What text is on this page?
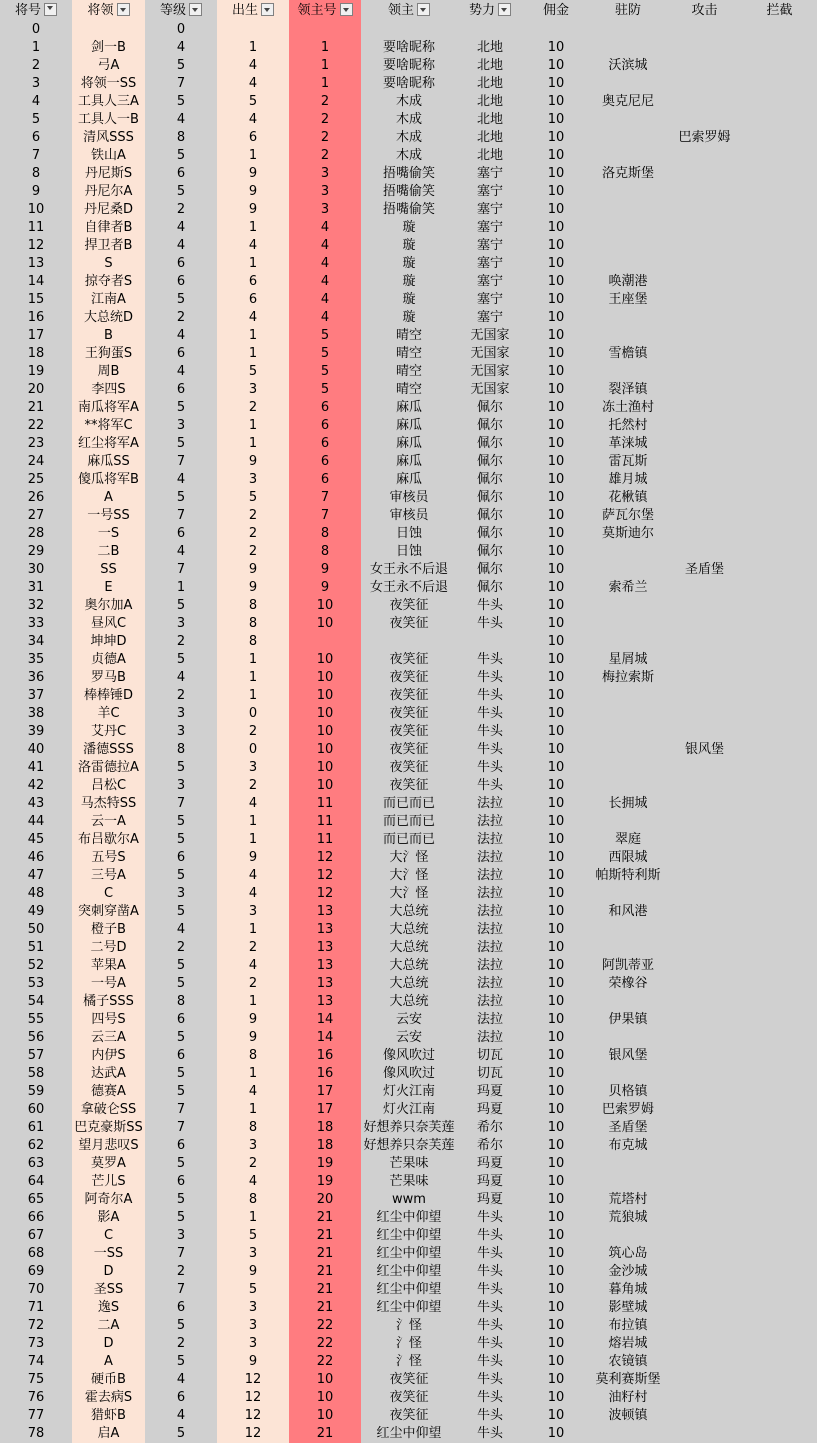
将号	将领	等级	出生	领主号	领主	势力	佣金	驻防	攻击	拦截
0		0								
1	剑一B	4	1	1	要啥昵称	北地	10			
2	弓A	5	4	1	要啥昵称	北地	10	沃滨城		
3	将领一SS	7	4	1	要啥昵称	北地	10			
4	工具人三A	5	5	2	木成	北地	10	奥克尼尼		
5	工具人一B	4	4	2	木成	北地	10			
6	清风SSS	8	6	2	木成	北地	10		巴索罗姆	
7	铁山A	5	1	2	木成	北地	10			
8	丹尼斯S	6	9	3	捂嘴偷笑	塞宁	10	洛克斯堡		
9	丹尼尔A	5	9	3	捂嘴偷笑	塞宁	10			
10	丹尼桑D	2	9	3	捂嘴偷笑	塞宁	10			
11	自律者B	4	1	4	璇	塞宁	10			
12	捍卫者B	4	4	4	璇	塞宁	10			
13	S	6	1	4	璇	塞宁	10			
14	掠夺者S	6	6	4	璇	塞宁	10	唤潮港		
15	江南A	5	6	4	璇	塞宁	10	王座堡		
16	大总统D	2	4	4	璇	塞宁	10			
17	B	4	1	5	晴空	无国家	10			
18	王狗蛋S	6	1	5	晴空	无国家	10	雪檐镇		
19	周B	4	5	5	晴空	无国家	10			
20	李四S	6	3	5	晴空	无国家	10	裂泽镇		
21	南瓜将军A	5	2	6	麻瓜	佩尔	10	冻土渔村		
22	**将军C	3	1	6	麻瓜	佩尔	10	托然村		
23	红尘将军A	5	1	6	麻瓜	佩尔	10	革涞城		
24	麻瓜SS	7	9	6	麻瓜	佩尔	10	雷瓦斯		
25	傻瓜将军B	4	3	6	麻瓜	佩尔	10	雄月城		
26	A	5	5	7	审核员	佩尔	10	花楸镇		
27	一号SS	7	2	7	审核员	佩尔	10	萨瓦尔堡		
28	一S	6	2	8	日蚀	佩尔	10	莫斯迪尔		
29	二B	4	2	8	日蚀	佩尔	10			
30	SS	7	9	9	女王永不后退	佩尔	10		圣盾堡	
31	E	1	9	9	女王永不后退	佩尔	10	索希兰		
32	奥尔加A	5	8	10	夜笑征	牛头	10			
33	昼风C	3	8	10	夜笑征	牛头	10			
34	坤坤D	2	8				10			
35	贞德A	5	1	10	夜笑征	牛头	10	星屑城		
36	罗马B	4	1	10	夜笑征	牛头	10	梅拉索斯		
37	棒棒锤D	2	1	10	夜笑征	牛头	10			
38	羊C	3	0	10	夜笑征	牛头	10			
39	艾丹C	3	2	10	夜笑征	牛头	10			
40	潘德SSS	8	0	10	夜笑征	牛头	10		银风堡	
41	洛雷德拉A	5	3	10	夜笑征	牛头	10			
42	吕松C	3	2	10	夜笑征	牛头	10			
43	马杰特SS	7	4	11	而已而已	法拉	10	长拥城		
44	云一A	5	1	11	而已而已	法拉	10			
45	布吕歇尔A	5	1	11	而已而已	法拉	10	翠庭		
46	五号S	6	9	12	大氵怪	法拉	10	西限城		
47	三号A	5	4	12	大氵怪	法拉	10	帕斯特利斯		
48	C	3	4	12	大氵怪	法拉	10			
49	突刺穿凿A	5	3	13	大总统	法拉	10	和风港		
50	橙子B	4	1	13	大总统	法拉	10			
51	二号D	2	2	13	大总统	法拉	10			
52	苹果A	5	4	13	大总统	法拉	10	阿凯蒂亚		
53	一号A	5	2	13	大总统	法拉	10	荣橡谷		
54	橘子SSS	8	1	13	大总统	法拉	10			
55	四号S	6	9	14	云安	法拉	10	伊果镇		
56	云三A	5	9	14	云安	法拉	10			
57	内伊S	6	8	16	像风吹过	切瓦	10	银风堡		
58	达武A	5	1	16	像风吹过	切瓦	10			
59	德赛A	5	4	17	灯火江南	玛夏	10	贝格镇		
60	拿破仑SS	7	1	17	灯火江南	玛夏	10	巴索罗姆		
61	巴克豪斯SS	7	8	18	好想养只奈芙莲	希尔	10	圣盾堡		
62	望月悲叹S	6	3	18	好想养只奈芙莲	希尔	10	布克城		
63	莫罗A	5	2	19	芒果味	玛夏	10			
64	芒儿S	6	4	19	芒果味	玛夏	10			
65	阿奇尔A	5	8	20	wwm	玛夏	10	荒塔村		
66	影A	5	1	21	红尘中仰望	牛头	10	荒狼城		
67	C	3	5	21	红尘中仰望	牛头	10			
68	一SS	7	3	21	红尘中仰望	牛头	10	筑心岛		
69	D	2	9	21	红尘中仰望	牛头	10	金沙城		
70	圣SS	7	5	21	红尘中仰望	牛头	10	暮角城		
71	逸S	6	3	21	红尘中仰望	牛头	10	影壁城		
72	二A	5	3	22	氵怪	牛头	10	布拉镇		
73	D	2	3	22	氵怪	牛头	10	熔岩城		
74	A	5	9	22	氵怪	牛头	10	农镜镇		
75	硬币B	4	12	10	夜笑征	牛头	10	莫利赛斯堡		
76	霍去病S	6	12	10	夜笑征	牛头	10	油籽村		
77	猎虾B	4	12	10	夜笑征	牛头	10	波顿镇		
78	启A	5	12	21	红尘中仰望	牛头	10			
